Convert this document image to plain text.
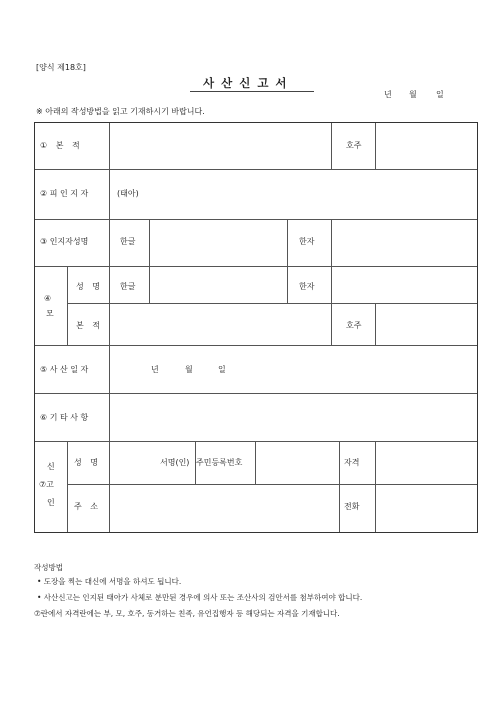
[양식 제18호]
사산신고서
년 월 일
※ 아래의 작성방법을 읽고 기재하시기 바랍니다.
① 본 적	호주
② 피 인 지 자	(태아)
③ 인지자성명	한글	한자
④
모
성 명 한글	한자
본 적	호주
⑤ 사 산 일 자	년	월	일
⑥ 기 타 사 항
신
⑦고
인
성 명	서명(인) 주민등록번호	자격
주 소	전화
작성방법
• 도장을 찍는 대신에 서명을 하셔도 됩니다.
• 사산신고는 인지된 태아가 사체로 분만된 경우에 의사 또는 조산사의 검안서를 첨부하여야 합니다.
⑦란에서 자격란에는 부, 모, 호주, 동거하는 친족, 유언집행자 등 해당되는 자격을 기재합니다.
